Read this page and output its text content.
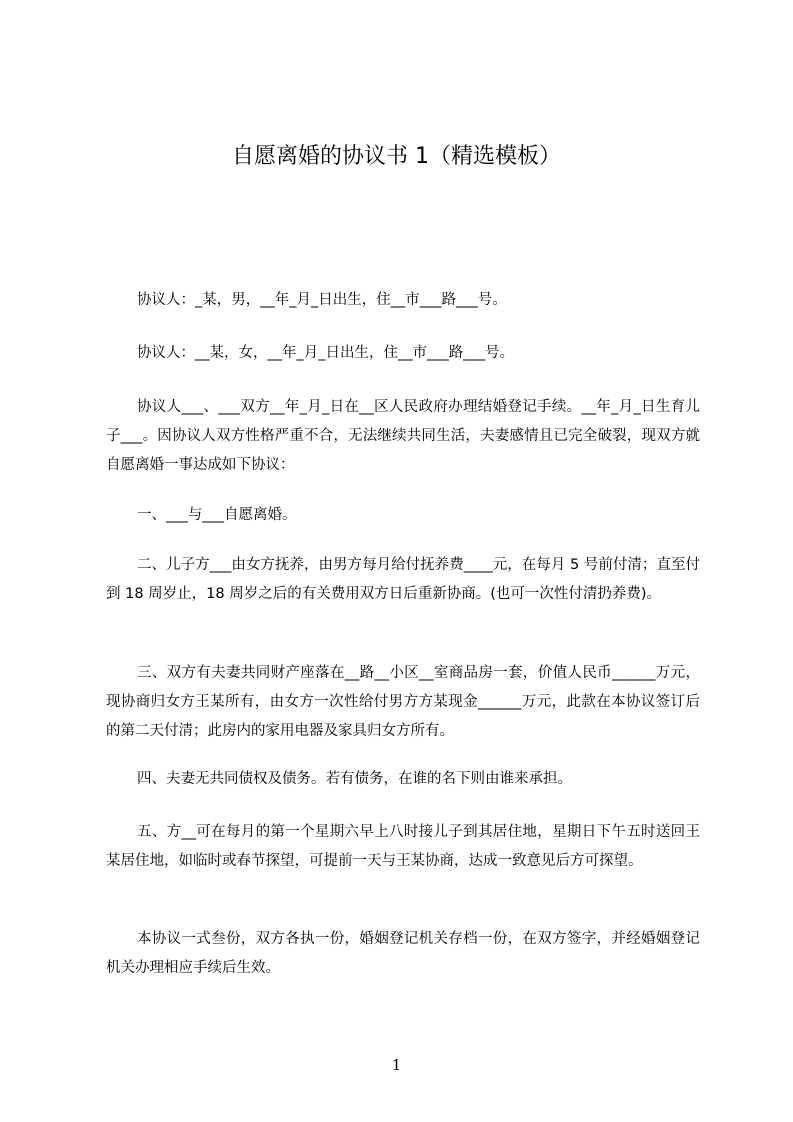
自愿离婚的协议书 1（精选模板）
协议人：_某，男，__年_月_日出生，住__市___路___号。
协议人：__某，女，__年_月_日出生，住__市___路___号。
协议人___、___双方__年_月_日在__区人民政府办理结婚登记手续。__年_月_日生育儿子___。因协议人双方性格严重不合，无法继续共同生活，夫妻感情且已完全破裂，现双方就自愿离婚一事达成如下协议：
一、___与___自愿离婚。
二、儿子方___由女方抚养，由男方每月给付抚养费____元，在每月 5 号前付清；直至付到 18 周岁止，18 周岁之后的有关费用双方日后重新协商。(也可一次性付清扔养费)。
三、双方有夫妻共同财产座落在__路__小区__室商品房一套，价值人民币______万元，现协商归女方王某所有，由女方一次性给付男方方某现金______万元，此款在本协议签订后的第二天付清；此房内的家用电器及家具归女方所有。
四、夫妻无共同债权及债务。若有债务，在谁的名下则由谁来承担。
五、方__可在每月的第一个星期六早上八时接儿子到其居住地，星期日下午五时送回王某居住地，如临时或春节探望，可提前一天与王某协商，达成一致意见后方可探望。
本协议一式叁份，双方各执一份，婚姻登记机关存档一份，在双方签字，并经婚姻登记机关办理相应手续后生效。
1
